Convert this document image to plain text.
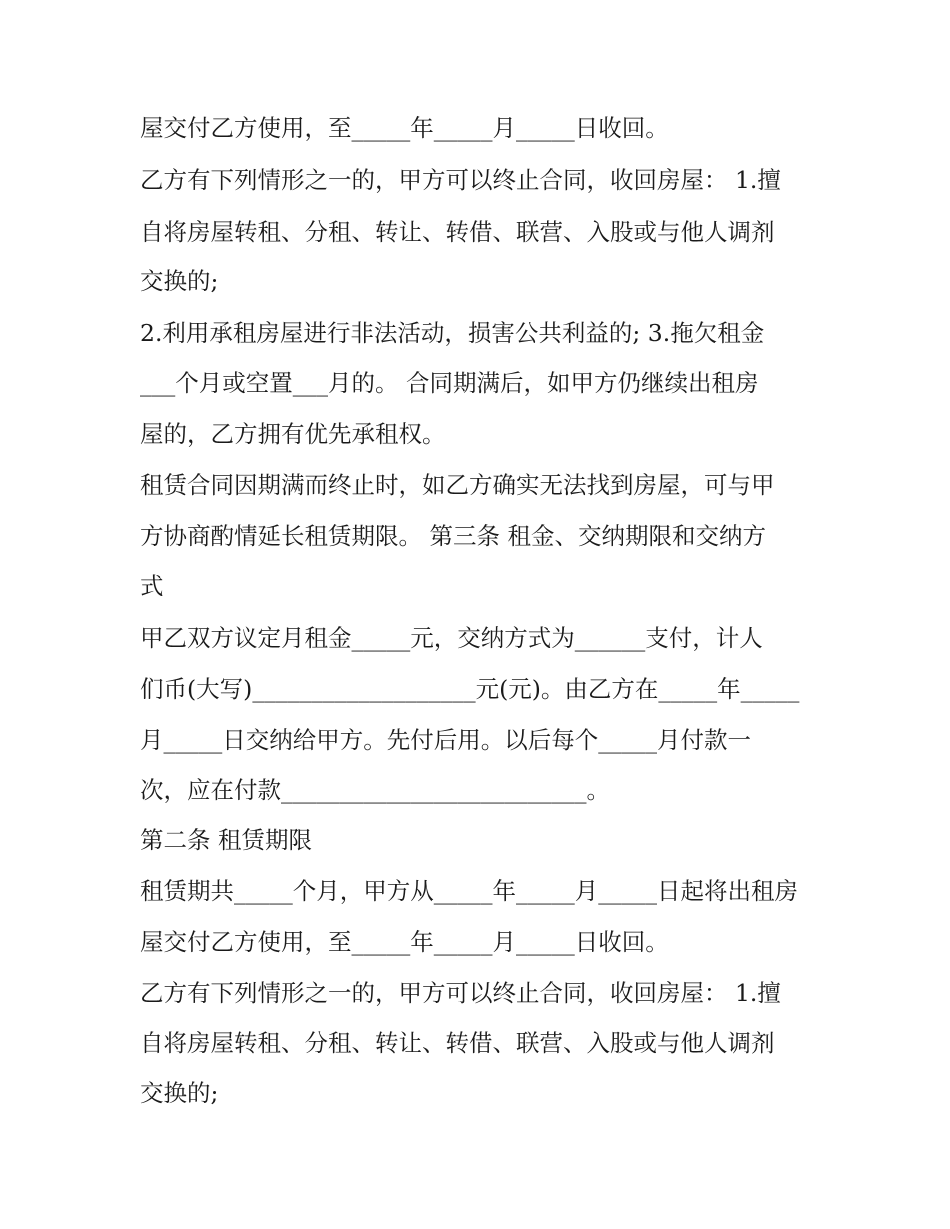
屋交付乙方使用，至_____年_____月_____日收回。
乙方有下列情形之一的，甲方可以终止合同，收回房屋： 1.擅
自将房屋转租、分租、转让、转借、联营、入股或与他人调剂
交换的;
2.利用承租房屋进行非法活动，损害公共利益的; 3.拖欠租金
___个月或空置___月的。 合同期满后，如甲方仍继续出租房
屋的，乙方拥有优先承租权。
租赁合同因期满而终止时，如乙方确实无法找到房屋，可与甲
方协商酌情延长租赁期限。 第三条 租金、交纳期限和交纳方
式
甲乙双方议定月租金_____元，交纳方式为______支付，计人
们币(大写)___________________元(元)。由乙方在_____年_____
月_____日交纳给甲方。先付后用。以后每个_____月付款一
次，应在付款__________________________。
第二条 租赁期限
租赁期共_____个月，甲方从_____年_____月_____日起将出租房
屋交付乙方使用，至_____年_____月_____日收回。
乙方有下列情形之一的，甲方可以终止合同，收回房屋： 1.擅
自将房屋转租、分租、转让、转借、联营、入股或与他人调剂
交换的;
